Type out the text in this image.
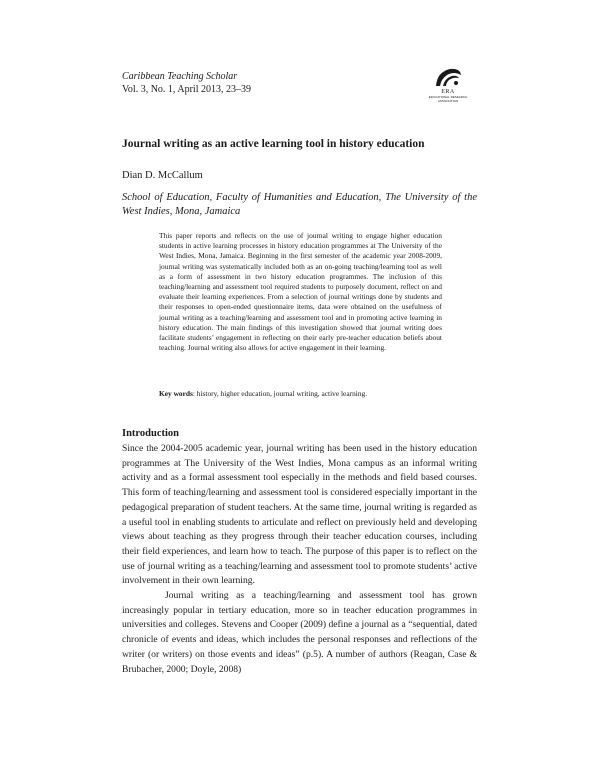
Caribbean Teaching Scholar
Vol. 3, No. 1, April 2013, 23–39	ERA
EDUCATIONAL RESEARCH
ASSOCIATION
Journal writing as an active learning tool in history education
Dian D. McCallum
School of Education, Faculty of Humanities and Education, The University of the West Indies, Mona, Jamaica

This paper reports and reflects on the use of journal writing to engage higher education students in active learning processes in history education programmes at The University of the West Indies, Mona, Jamaica. Beginning in the first semester of the academic year 2008-2009, journal writing was systematically included both as an on-going teaching/learning tool as well as a form of assessment in two history education programmes. The inclusion of this teaching/learning and assessment tool required students to purposely document, reflect on and evaluate their learning experiences. From a selection of journal writings done by students and their responses to open-ended questionnaire items, data were obtained on the usefulness of journal writing as a teaching/learning and assessment tool and in promoting active learning in history education. The main findings of this investigation showed that journal writing does facilitate students’ engagement in reflecting on their early pre-teacher education beliefs about teaching. Journal writing also allows for active engagement in their learning.

Key words: history, higher education, journal writing, active learning.

Introduction

Since the 2004-2005 academic year, journal writing has been used in the history education programmes at The University of the West Indies, Mona campus as an informal writing activity and as a formal assessment tool especially in the methods and field based courses. This form of teaching/learning and assessment tool is considered especially important in the pedagogical preparation of student teachers. At the same time, journal writing is regarded as a useful tool in enabling students to articulate and reflect on previously held and developing views about teaching as they progress through their teacher education courses, including their field experiences, and learn how to teach. The purpose of this paper is to reflect on the use of journal writing as a teaching/learning and assessment tool to promote students’ active involvement in their own learning.

Journal writing as a teaching/learning and assessment tool has grown increasingly popular in tertiary education, more so in teacher education programmes in universities and colleges. Stevens and Cooper (2009) define a journal as a “sequential, dated chronicle of events and ideas, which includes the personal responses and reflections of the writer (or writers) on those events and ideas” (p.5). A number of authors (Reagan, Case & Brubacher, 2000; Doyle, 2008)
